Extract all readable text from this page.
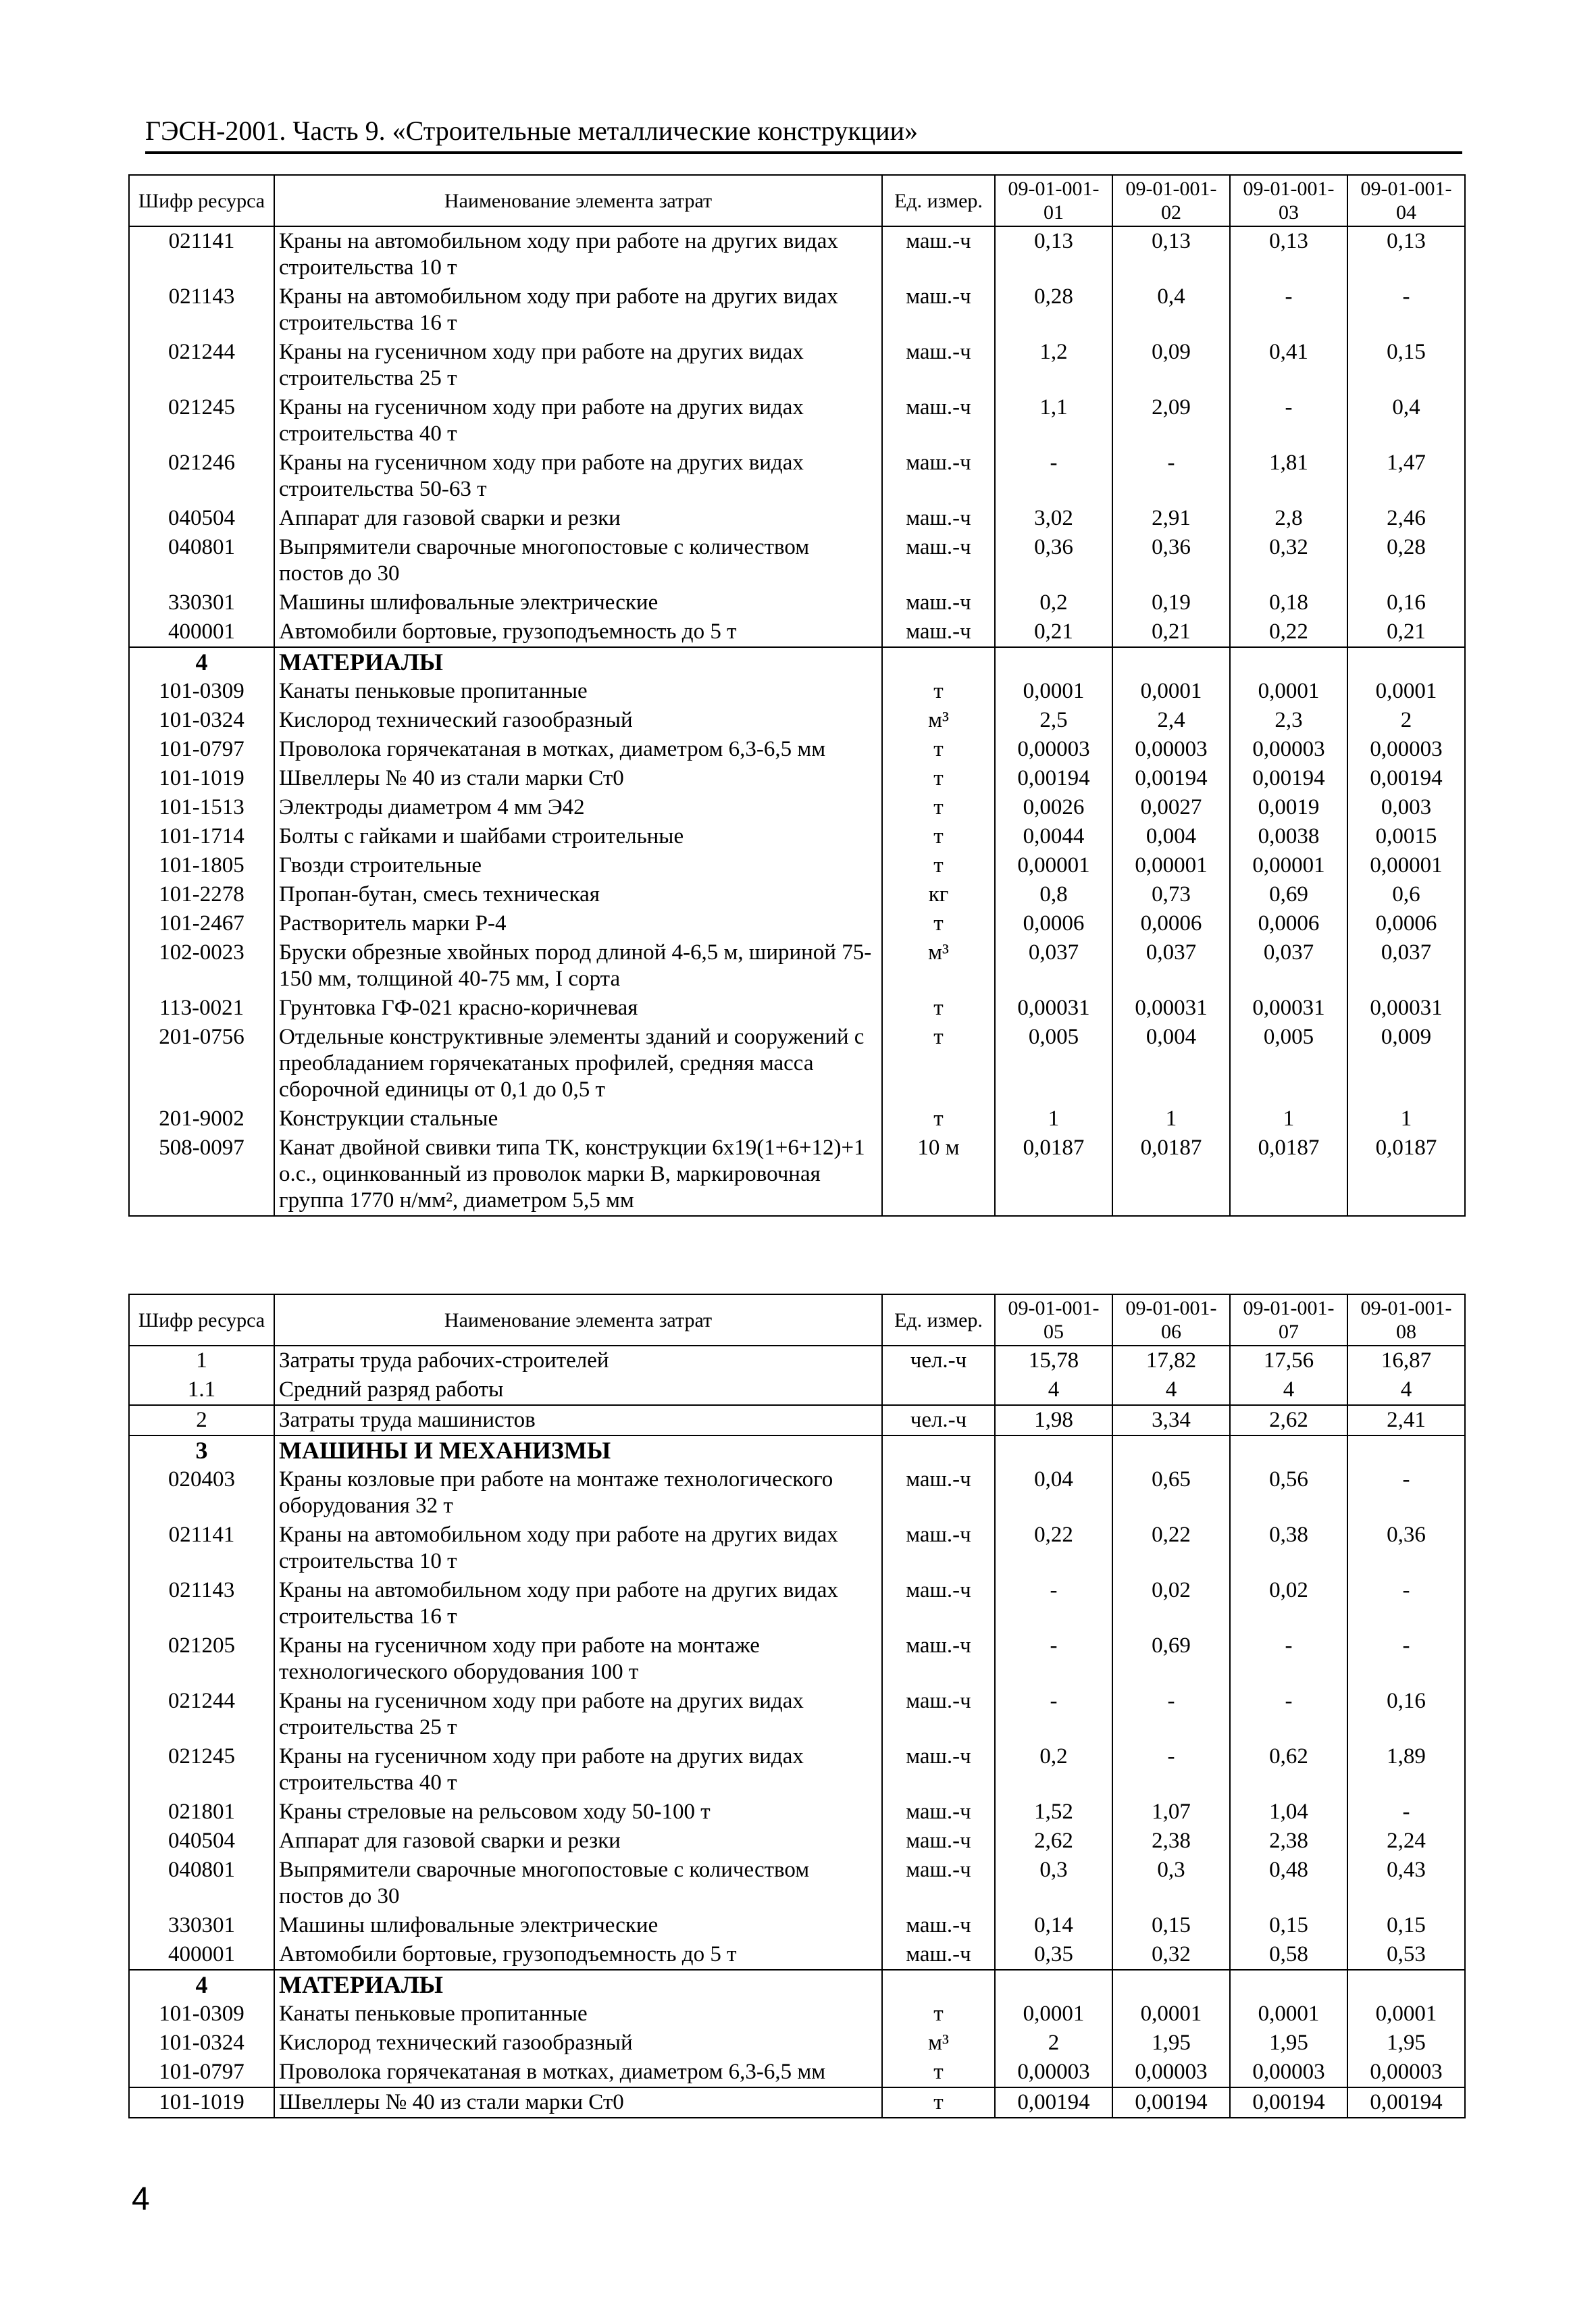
ГЭСН-2001. Часть 9. «Строительные металлические конструкции»
Шифр ресурса	Наименование элемента затрат	Ед. измер.	09-01-001-01	09-01-001-02	09-01-001-03	09-01-001-04
021141	Краны на автомобильном ходу при работе на других видах строительства 10 т	маш.-ч	0,13	0,13	0,13	0,13
021143	Краны на автомобильном ходу при работе на других видах строительства 16 т	маш.-ч	0,28	0,4	-	-
021244	Краны на гусеничном ходу при работе на других видах строительства 25 т	маш.-ч	1,2	0,09	0,41	0,15
021245	Краны на гусеничном ходу при работе на других видах строительства 40 т	маш.-ч	1,1	2,09	-	0,4
021246	Краны на гусеничном ходу при работе на других видах строительства 50-63 т	маш.-ч	-	-	1,81	1,47
040504	Аппарат для газовой сварки и резки	маш.-ч	3,02	2,91	2,8	2,46
040801	Выпрямители сварочные многопостовые с количеством постов до 30	маш.-ч	0,36	0,36	0,32	0,28
330301	Машины шлифовальные электрические	маш.-ч	0,2	0,19	0,18	0,16
400001	Автомобили бортовые, грузоподъемность до 5 т	маш.-ч	0,21	0,21	0,22	0,21
4	МАТЕРИАЛЫ					
101-0309	Канаты пеньковые пропитанные	т	0,0001	0,0001	0,0001	0,0001
101-0324	Кислород технический газообразный	м³	2,5	2,4	2,3	2
101-0797	Проволока горячекатаная в мотках, диаметром 6,3-6,5 мм	т	0,00003	0,00003	0,00003	0,00003
101-1019	Швеллеры № 40 из стали марки Ст0	т	0,00194	0,00194	0,00194	0,00194
101-1513	Электроды диаметром 4 мм Э42	т	0,0026	0,0027	0,0019	0,003
101-1714	Болты с гайками и шайбами строительные	т	0,0044	0,004	0,0038	0,0015
101-1805	Гвозди строительные	т	0,00001	0,00001	0,00001	0,00001
101-2278	Пропан-бутан, смесь техническая	кг	0,8	0,73	0,69	0,6
101-2467	Растворитель марки Р-4	т	0,0006	0,0006	0,0006	0,0006
102-0023	Бруски обрезные хвойных пород длиной 4-6,5 м, шириной 75-150 мм, толщиной 40-75 мм, I сорта	м³	0,037	0,037	0,037	0,037
113-0021	Грунтовка ГФ-021 красно-коричневая	т	0,00031	0,00031	0,00031	0,00031
201-0756	Отдельные конструктивные элементы зданий и сооружений с преобладанием горячекатаных профилей, средняя масса сборочной единицы от 0,1 до 0,5 т	т	0,005	0,004	0,005	0,009
201-9002	Конструкции стальные	т	1	1	1	1
508-0097	Канат двойной свивки типа ТК, конструкции 6х19(1+6+12)+1 о.с., оцинкованный из проволок марки В, маркировочная группа 1770 н/мм², диаметром 5,5 мм	10 м	0,0187	0,0187	0,0187	0,0187
Шифр ресурса	Наименование элемента затрат	Ед. измер.	09-01-001-05	09-01-001-06	09-01-001-07	09-01-001-08
1	Затраты труда рабочих-строителей	чел.-ч	15,78	17,82	17,56	16,87
1.1	Средний разряд работы		4	4	4	4
2	Затраты труда машинистов	чел.-ч	1,98	3,34	2,62	2,41
3	МАШИНЫ И МЕХАНИЗМЫ					
020403	Краны козловые при работе на монтаже технологического оборудования 32 т	маш.-ч	0,04	0,65	0,56	-
021141	Краны на автомобильном ходу при работе на других видах строительства 10 т	маш.-ч	0,22	0,22	0,38	0,36
021143	Краны на автомобильном ходу при работе на других видах строительства 16 т	маш.-ч	-	0,02	0,02	-
021205	Краны на гусеничном ходу при работе на монтаже технологического оборудования 100 т	маш.-ч	-	0,69	-	-
021244	Краны на гусеничном ходу при работе на других видах строительства 25 т	маш.-ч	-	-	-	0,16
021245	Краны на гусеничном ходу при работе на других видах строительства 40 т	маш.-ч	0,2	-	0,62	1,89
021801	Краны стреловые на рельсовом ходу 50-100 т	маш.-ч	1,52	1,07	1,04	-
040504	Аппарат для газовой сварки и резки	маш.-ч	2,62	2,38	2,38	2,24
040801	Выпрямители сварочные многопостовые с количеством постов до 30	маш.-ч	0,3	0,3	0,48	0,43
330301	Машины шлифовальные электрические	маш.-ч	0,14	0,15	0,15	0,15
400001	Автомобили бортовые, грузоподъемность до 5 т	маш.-ч	0,35	0,32	0,58	0,53
4	МАТЕРИАЛЫ					
101-0309	Канаты пеньковые пропитанные	т	0,0001	0,0001	0,0001	0,0001
101-0324	Кислород технический газообразный	м³	2	1,95	1,95	1,95
101-0797	Проволока горячекатаная в мотках, диаметром 6,3-6,5 мм	т	0,00003	0,00003	0,00003	0,00003
101-1019	Швеллеры № 40 из стали марки Ст0	т	0,00194	0,00194	0,00194	0,00194
4
